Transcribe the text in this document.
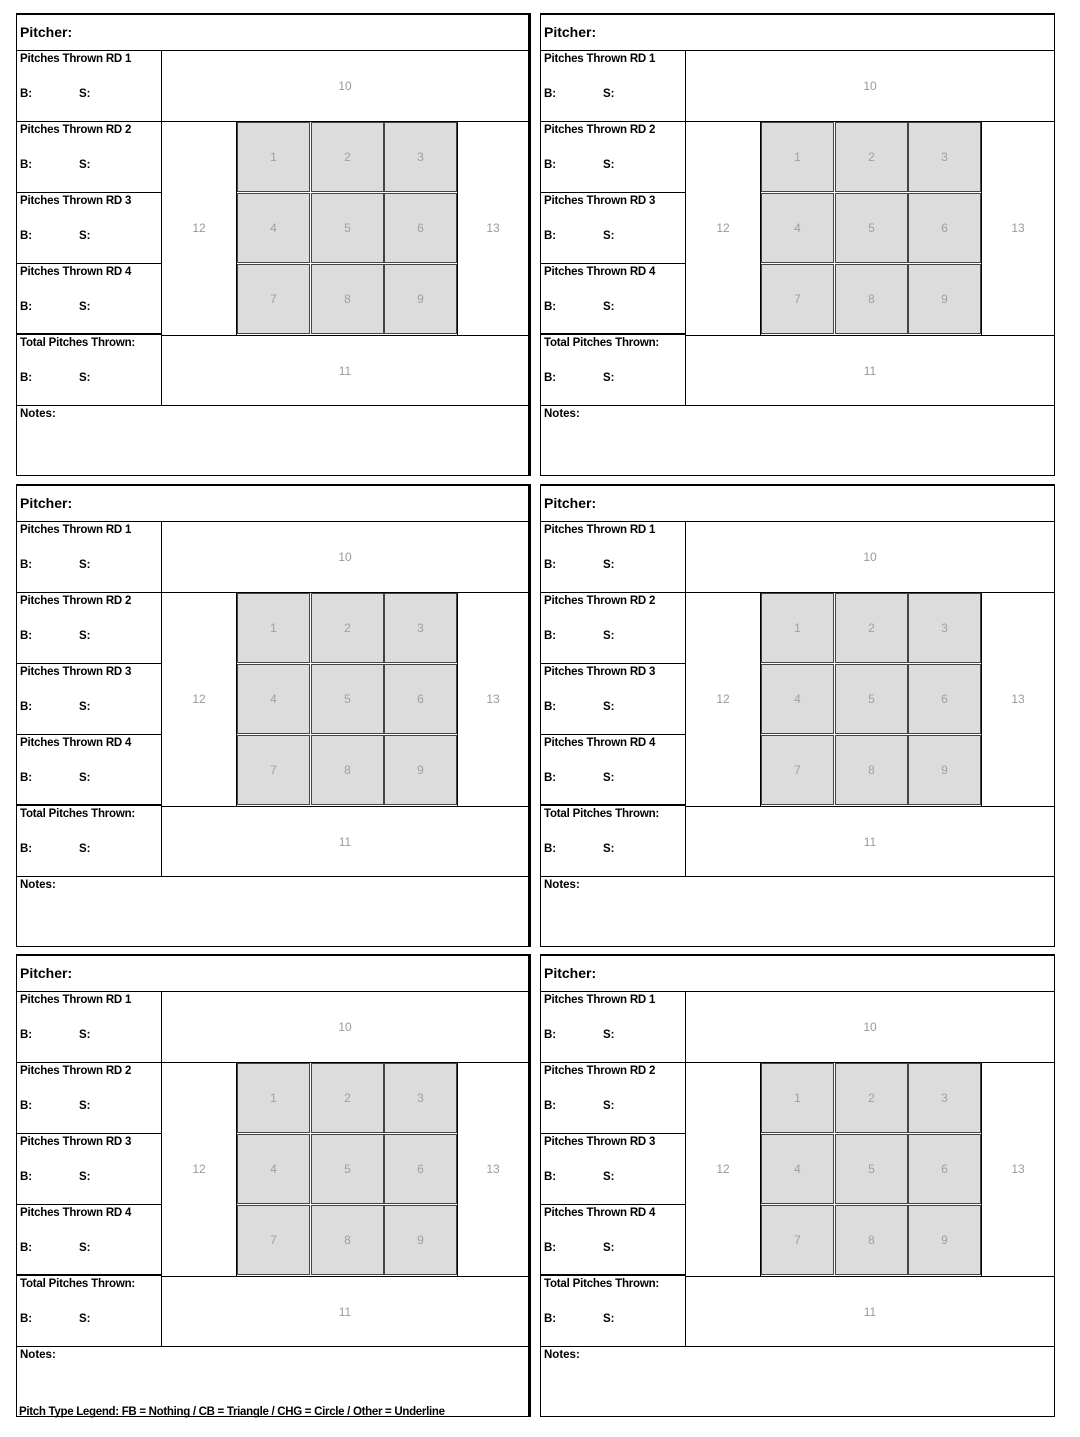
Pitcher:
Pitches Thrown RD 1
B:	S:
Pitches Thrown RD 2
B:	S:
Pitches Thrown RD 3
B:	S:
Pitches Thrown RD 4
B:	S:
Total Pitches Thrown:
B:	S:
10
12
1	2	3
4	5	6
7	8	9
13
11
Notes:
Pitcher:
Pitches Thrown RD 1
B:	S:
Pitches Thrown RD 2
B:	S:
Pitches Thrown RD 3
B:	S:
Pitches Thrown RD 4
B:	S:
Total Pitches Thrown:
B:	S:
10
12
1	2	3
4	5	6
7	8	9
13
11
Notes:
Pitcher:
Pitches Thrown RD 1
B:	S:
Pitches Thrown RD 2
B:	S:
Pitches Thrown RD 3
B:	S:
Pitches Thrown RD 4
B:	S:
Total Pitches Thrown:
B:	S:
10
12
1	2	3
4	5	6
7	8	9
13
11
Notes:
Pitcher:
Pitches Thrown RD 1
B:	S:
Pitches Thrown RD 2
B:	S:
Pitches Thrown RD 3
B:	S:
Pitches Thrown RD 4
B:	S:
Total Pitches Thrown:
B:	S:
10
12
1	2	3
4	5	6
7	8	9
13
11
Notes:
Pitcher:
Pitches Thrown RD 1
B:	S:
Pitches Thrown RD 2
B:	S:
Pitches Thrown RD 3
B:	S:
Pitches Thrown RD 4
B:	S:
Total Pitches Thrown:
B:	S:
10
12
1	2	3
4	5	6
7	8	9
13
11
Notes:
Pitcher:
Pitches Thrown RD 1
B:	S:
Pitches Thrown RD 2
B:	S:
Pitches Thrown RD 3
B:	S:
Pitches Thrown RD 4
B:	S:
Total Pitches Thrown:
B:	S:
10
12
1	2	3
4	5	6
7	8	9
13
11
Notes:
Pitch Type Legend: FB = Nothing / CB = Triangle / CHG = Circle / Other = Underline
